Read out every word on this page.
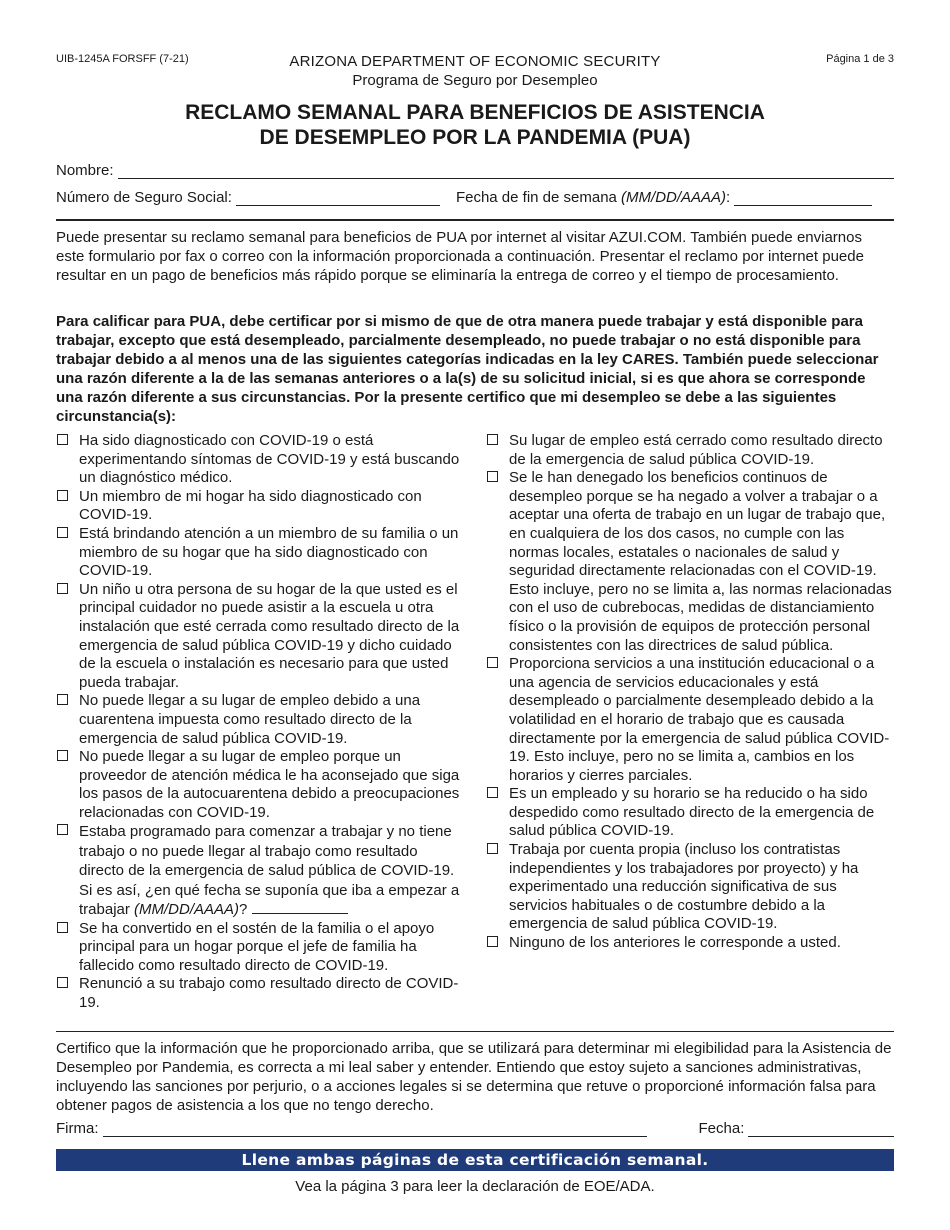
UIB-1245A FORSFF (7-21)	Página 1 de 3
ARIZONA DEPARTMENT OF ECONOMIC SECURITY
Programa de Seguro por Desempleo
RECLAMO SEMANAL PARA BENEFICIOS DE ASISTENCIA
DE DESEMPLEO POR LA PANDEMIA (PUA)
Nombre:
Número de Seguro Social:	Fecha de fin de semana (MM/DD/AAAA):
Puede presentar su reclamo semanal para beneficios de PUA por internet al visitar AZUI.COM. También puede enviarnos este formulario por fax o correo con la información proporcionada a continuación. Presentar el reclamo por internet puede resultar en un pago de beneficios más rápido porque se eliminaría la entrega de correo y el tiempo de procesamiento.
Para calificar para PUA, debe certificar por si mismo de que de otra manera puede trabajar y está disponible para trabajar, excepto que está desempleado, parcialmente desempleado, no puede trabajar o no está disponible para trabajar debido a al menos una de las siguientes categorías indicadas en la ley CARES. También puede seleccionar una razón diferente a la de las semanas anteriores o a la(s) de su solicitud inicial, si es que ahora se corresponde una razón diferente a sus circunstancias. Por la presente certifico que mi desempleo se debe a las siguientes circunstancia(s):
Ha sido diagnosticado con COVID-19 o está experimentando síntomas de COVID-19 y está buscando un diagnóstico médico.
Un miembro de mi hogar ha sido diagnosticado con COVID-19.
Está brindando atención a un miembro de su familia o un miembro de su hogar que ha sido diagnosticado con COVID-19.
Un niño u otra persona de su hogar de la que usted es el principal cuidador no puede asistir a la escuela u otra instalación que esté cerrada como resultado directo de la emergencia de salud pública COVID-19 y dicho cuidado de la escuela o instalación es necesario para que usted pueda trabajar.
No puede llegar a su lugar de empleo debido a una cuarentena impuesta como resultado directo de la emergencia de salud pública COVID-19.
No puede llegar a su lugar de empleo porque un proveedor de atención médica le ha aconsejado que siga los pasos de la autocuarentena debido a preocupaciones relacionadas con COVID-19.
Estaba programado para comenzar a trabajar y no tiene trabajo o no puede llegar al trabajo como resultado directo de la emergencia de salud pública de COVID-19. Si es así, ¿en qué fecha se suponía que iba a empezar a trabajar (MM/DD/AAAA)?
Se ha convertido en el sostén de la familia o el apoyo principal para un hogar porque el jefe de familia ha fallecido como resultado directo de COVID-19.
Renunció a su trabajo como resultado directo de COVID-19.
Su lugar de empleo está cerrado como resultado directo de la emergencia de salud pública COVID-19.
Se le han denegado los beneficios continuos de desempleo porque se ha negado a volver a trabajar o a aceptar una oferta de trabajo en un lugar de trabajo que, en cualquiera de los dos casos, no cumple con las normas locales, estatales o nacionales de salud y seguridad directamente relacionadas con el COVID-19. Esto incluye, pero no se limita a, las normas relacionadas con el uso de cubrebocas, medidas de distanciamiento físico o la provisión de equipos de protección personal consistentes con las directrices de salud pública.
Proporciona servicios a una institución educacional o a una agencia de servicios educacionales y está desempleado o parcialmente desempleado debido a la volatilidad en el horario de trabajo que es causada directamente por la emergencia de salud pública COVID-19. Esto incluye, pero no se limita a, cambios en los horarios y cierres parciales.
Es un empleado y su horario se ha reducido o ha sido despedido como resultado directo de la emergencia de salud pública COVID-19.
Trabaja por cuenta propia (incluso los contratistas independientes y los trabajadores por proyecto) y ha experimentado una reducción significativa de sus servicios habituales o de costumbre debido a la emergencia de salud pública COVID-19.
Ninguno de los anteriores le corresponde a usted.
Certifico que la información que he proporcionado arriba, que se utilizará para determinar mi elegibilidad para la Asistencia de Desempleo por Pandemia, es correcta a mi leal saber y entender. Entiendo que estoy sujeto a sanciones administrativas, incluyendo las sanciones por perjurio, o a acciones legales si se determina que retuve o proporcioné información falsa para obtener pagos de asistencia a los que no tengo derecho.
Firma:	Fecha:
Llene ambas páginas de esta certificación semanal.
Vea la página 3 para leer la declaración de EOE/ADA.
